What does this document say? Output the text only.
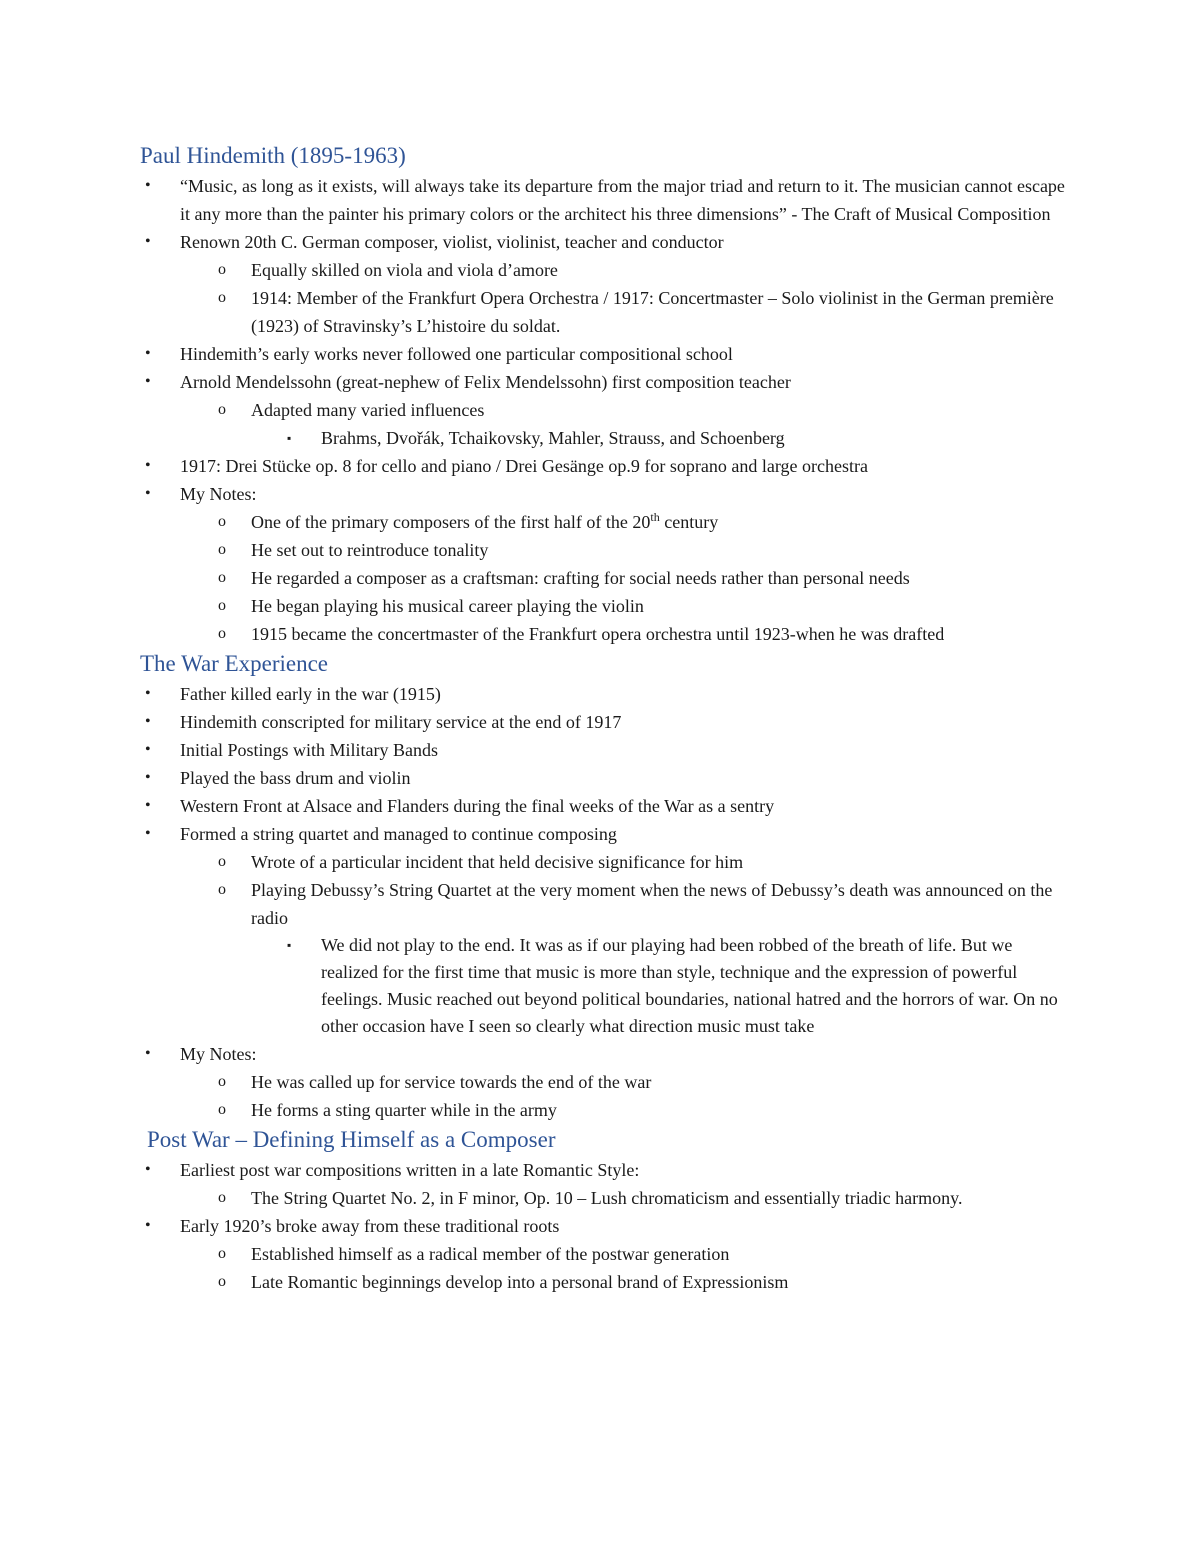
Paul Hindemith (1895-1963)
• “Music, as long as it exists, will always take its departure from the major triad and return to it. The musician cannot escape it any more than the painter his primary colors or the architect his three dimensions” - The Craft of Musical Composition
• Renown 20th C. German composer, violist, violinist, teacher and conductor
o Equally skilled on viola and viola d’amore
o 1914: Member of the Frankfurt Opera Orchestra / 1917: Concertmaster – Solo violinist in the German première (1923) of Stravinsky’s L’histoire du soldat.
• Hindemith’s early works never followed one particular compositional school
• Arnold Mendelssohn (great-nephew of Felix Mendelssohn) first composition teacher
o Adapted many varied influences
▪ Brahms, Dvořák, Tchaikovsky, Mahler, Strauss, and Schoenberg
• 1917: Drei Stücke op. 8 for cello and piano / Drei Gesänge op.9 for soprano and large orchestra
• My Notes:
o One of the primary composers of the first half of the 20th century
o He set out to reintroduce tonality
o He regarded a composer as a craftsman: crafting for social needs rather than personal needs
o He began playing his musical career playing the violin
o 1915 became the concertmaster of the Frankfurt opera orchestra until 1923-when he was drafted
The War Experience
• Father killed early in the war (1915)
• Hindemith conscripted for military service at the end of 1917
• Initial Postings with Military Bands
• Played the bass drum and violin
• Western Front at Alsace and Flanders during the final weeks of the War as a sentry
• Formed a string quartet and managed to continue composing
o Wrote of a particular incident that held decisive significance for him
o Playing Debussy’s String Quartet at the very moment when the news of Debussy’s death was announced on the radio
▪ We did not play to the end. It was as if our playing had been robbed of the breath of life. But we realized for the first time that music is more than style, technique and the expression of powerful feelings. Music reached out beyond political boundaries, national hatred and the horrors of war. On no other occasion have I seen so clearly what direction music must take
• My Notes:
o He was called up for service towards the end of the war
o He forms a sting quarter while in the army
Post War – Defining Himself as a Composer
• Earliest post war compositions written in a late Romantic Style:
o The String Quartet No. 2, in F minor, Op. 10 – Lush chromaticism and essentially triadic harmony.
• Early 1920’s broke away from these traditional roots
o Established himself as a radical member of the postwar generation
o Late Romantic beginnings develop into a personal brand of Expressionism
